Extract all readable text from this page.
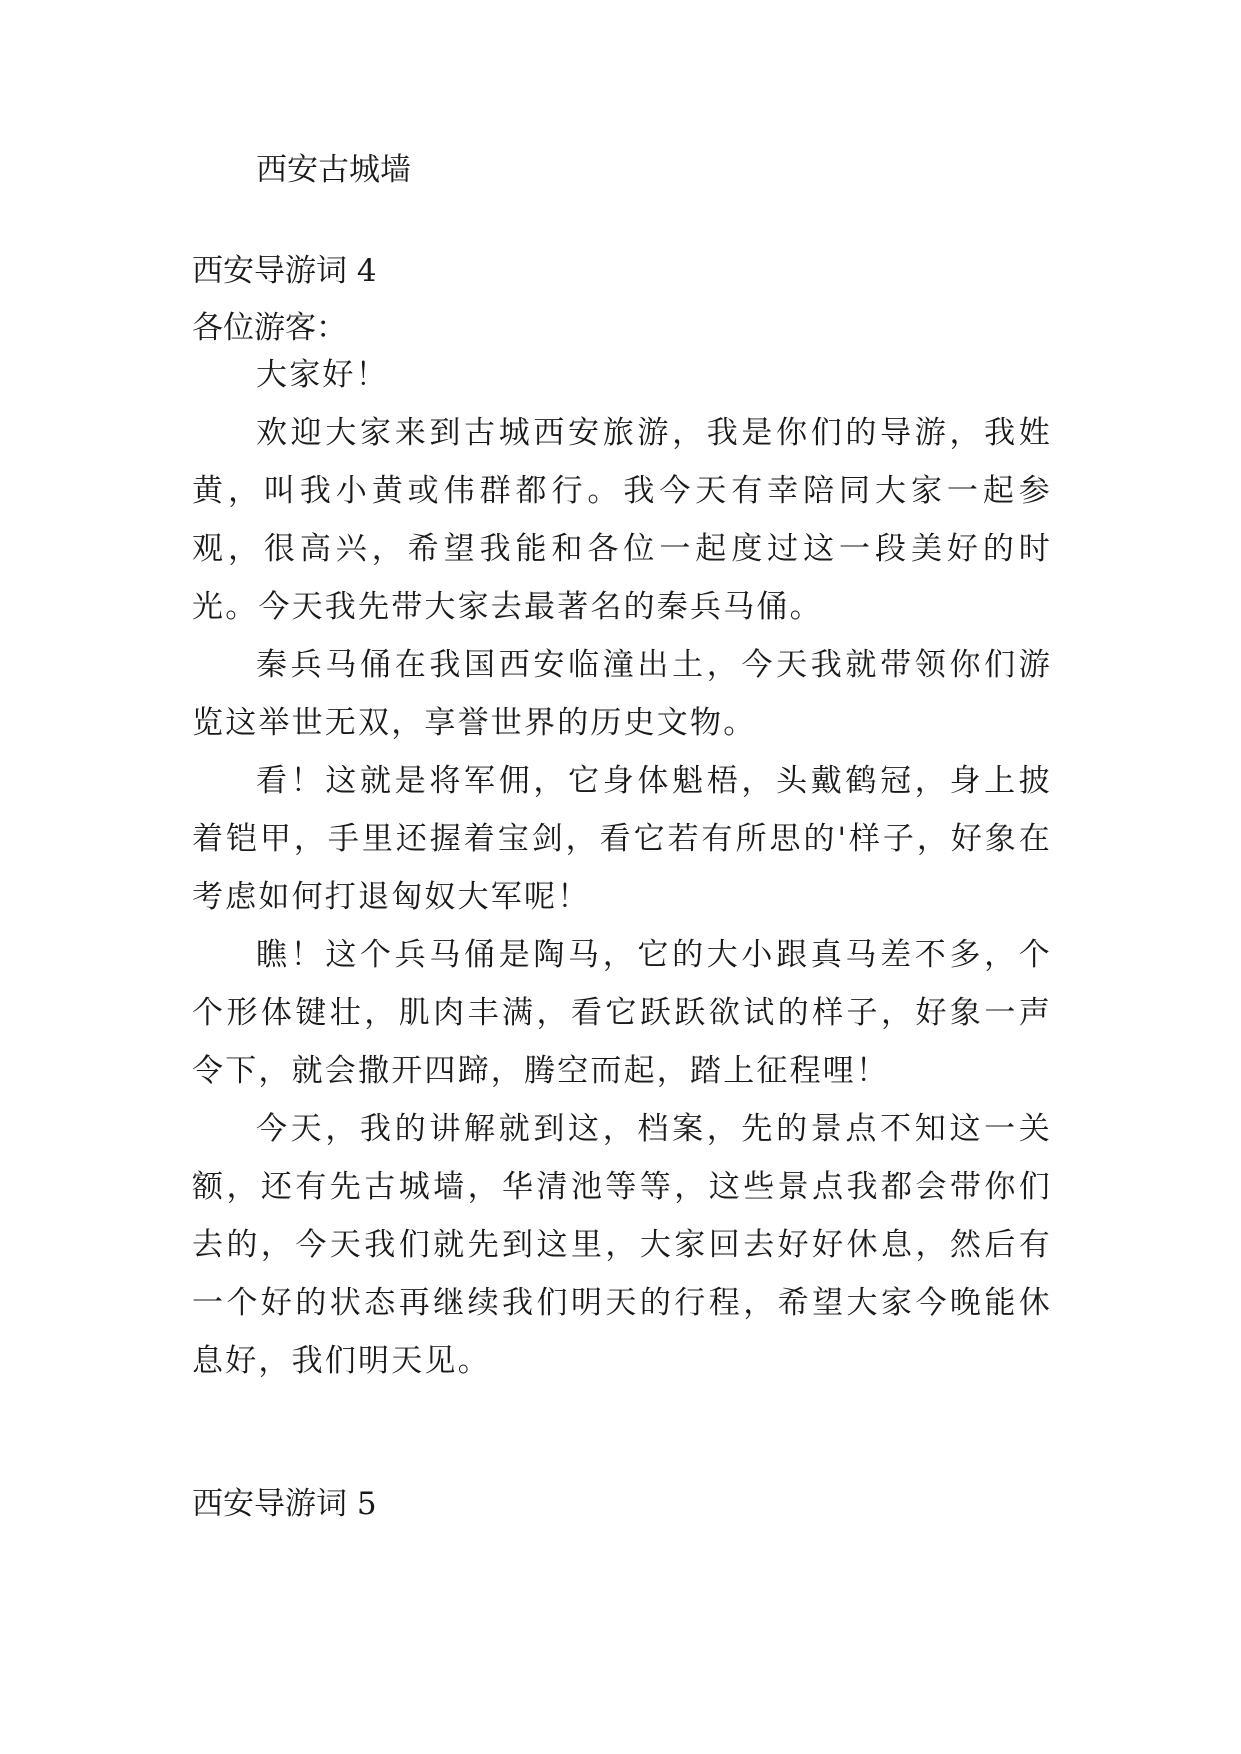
西安古城墙

西安导游词 4

各位游客：

大家好！

欢迎大家来到古城西安旅游，我是你们的导游，我姓黄，叫我小黄或伟群都行。我今天有幸陪同大家一起参观，很高兴，希望我能和各位一起度过这一段美好的时光。今天我先带大家去最著名的秦兵马俑。

秦兵马俑在我国西安临潼出土，今天我就带领你们游览这举世无双，享誉世界的历史文物。

看！这就是将军佣，它身体魁梧，头戴鹤冠，身上披着铠甲，手里还握着宝剑，看它若有所思的'样子，好象在考虑如何打退匈奴大军呢！

瞧！这个兵马俑是陶马，它的大小跟真马差不多，个个形体键壮，肌肉丰满，看它跃跃欲试的样子，好象一声令下，就会撒开四蹄，腾空而起，踏上征程哩！

今天，我的讲解就到这，档案，先的景点不知这一关额，还有先古城墙，华清池等等，这些景点我都会带你们去的，今天我们就先到这里，大家回去好好休息，然后有一个好的状态再继续我们明天的行程，希望大家今晚能休息好，我们明天见。

西安导游词 5
